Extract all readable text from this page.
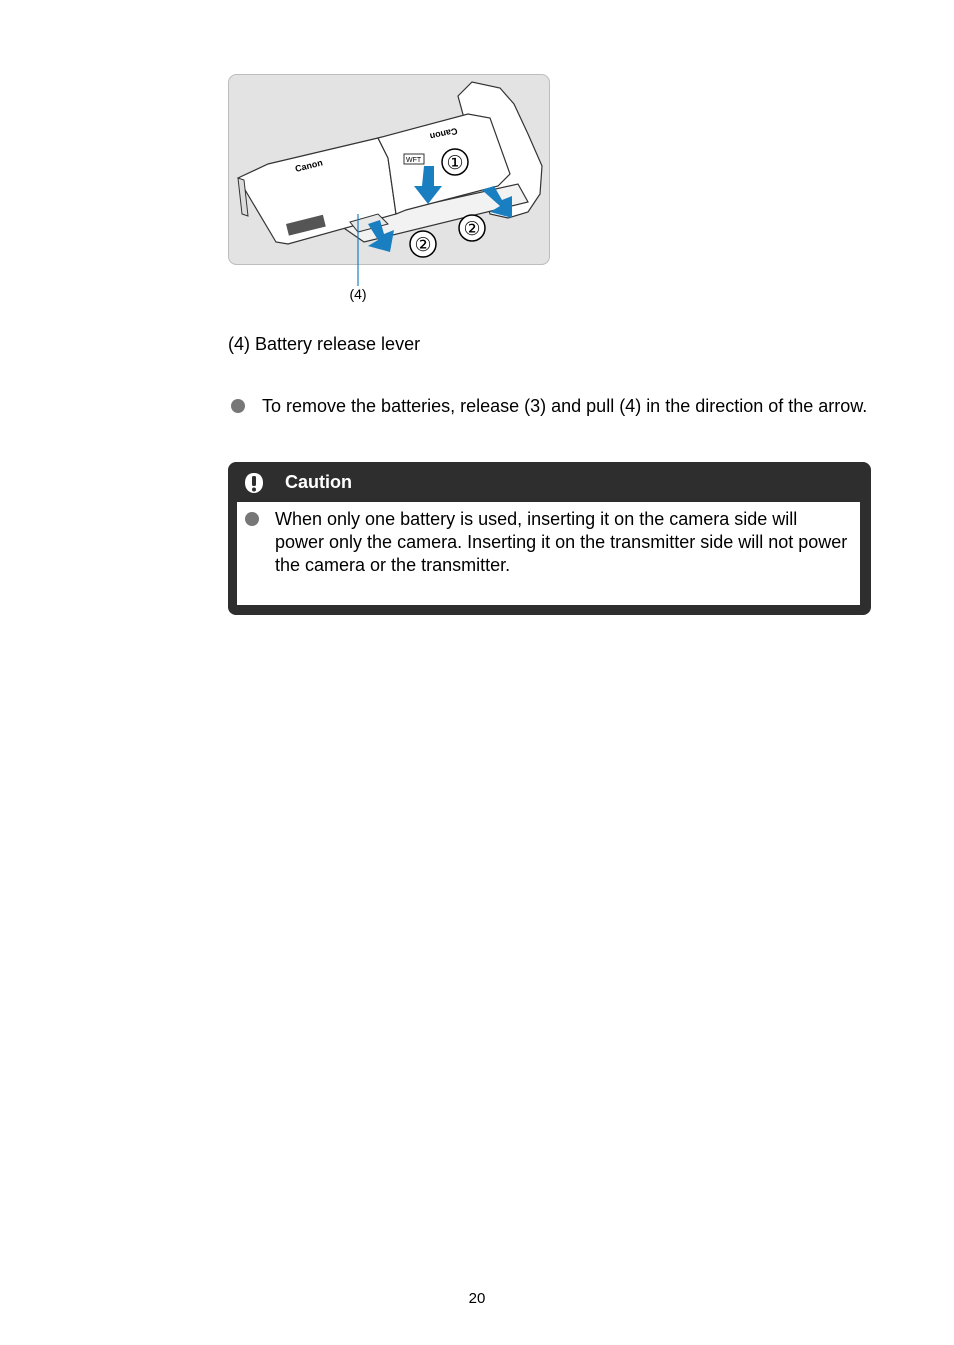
Canon
Canon
WFT ①
②
②
(4)
(4) Battery release lever
To remove the batteries, release (3) and pull (4) in the direction of the arrow.
Caution
When only one battery is used, inserting it on the camera side will power only the camera. Inserting it on the transmitter side will not power the camera or the transmitter.
20
